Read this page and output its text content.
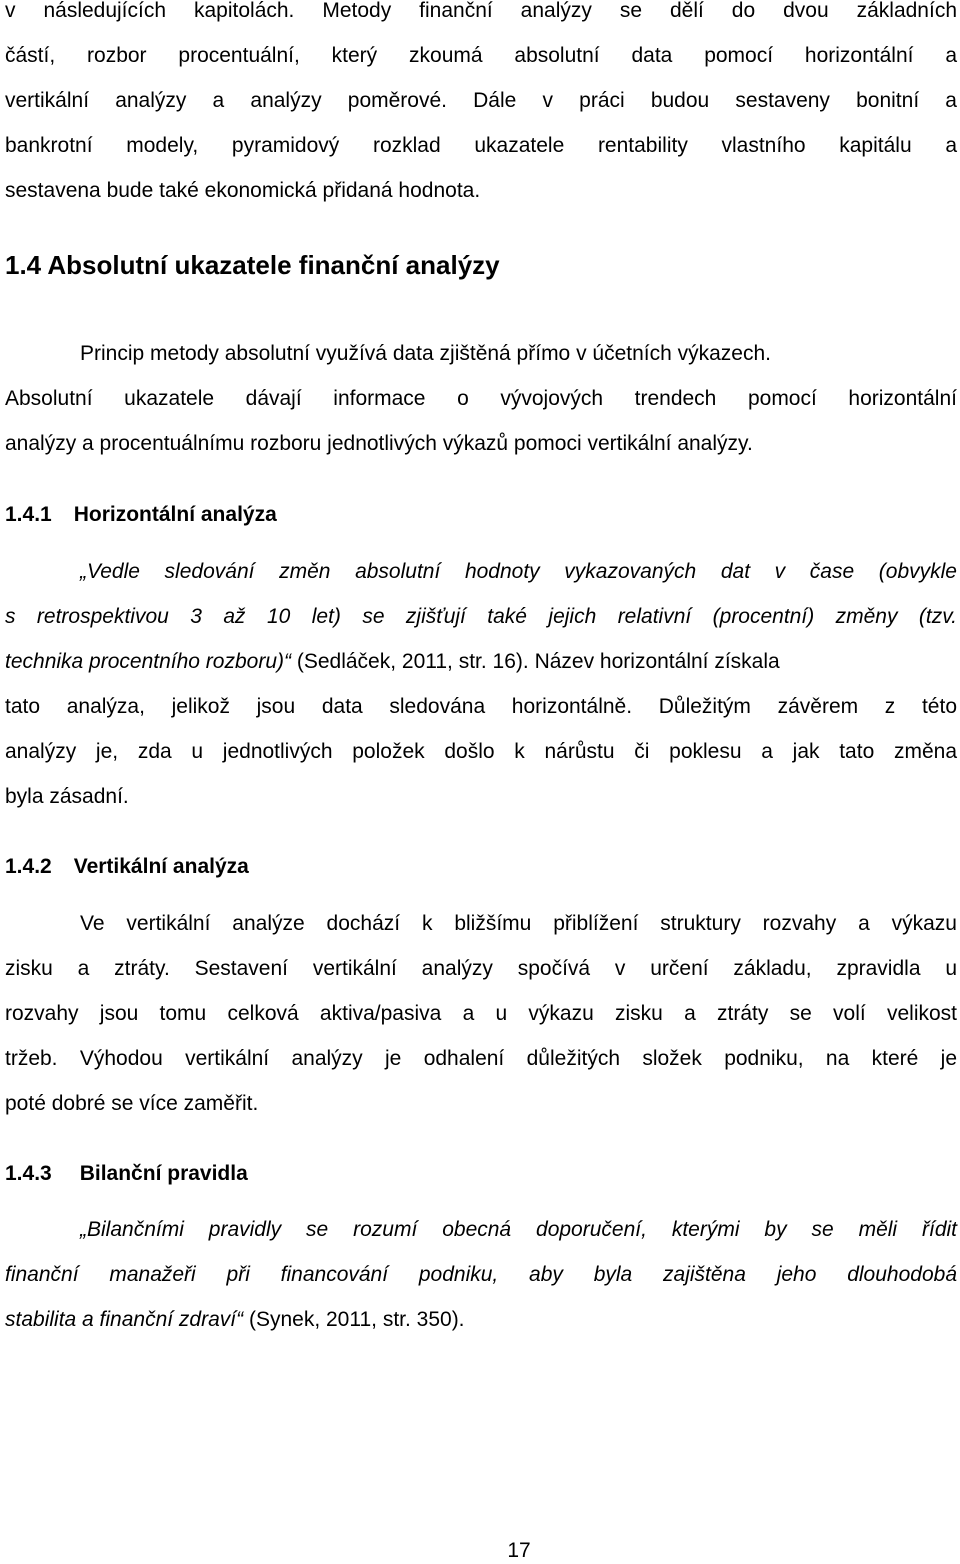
v následujících kapitolách. Metody finanční analýzy se dělí do dvou základních
částí, rozbor procentuální, který zkoumá absolutní data pomocí horizontální a
vertikální analýzy a analýzy poměrové. Dále v práci budou sestaveny bonitní a
bankrotní modely, pyramidový rozklad ukazatele rentability vlastního kapitálu a
sestavena bude také ekonomická přidaná hodnota.
1.4 Absolutní ukazatele finanční analýzy
Princip metody absolutní využívá data zjištěná přímo v účetních výkazech.
Absolutní ukazatele dávají informace o vývojových trendech pomocí horizontální
analýzy a procentuálnímu rozboru jednotlivých výkazů pomoci vertikální analýzy.
1.4.1 Horizontální analýza
„Vedle sledování změn absolutní hodnoty vykazovaných dat v čase (obvykle
s retrospektivou 3 až 10 let) se zjišťují také jejich relativní (procentní) změny (tzv.
technika procentního rozboru)“ (Sedláček, 2011, str. 16). Název horizontální získala
tato analýza, jelikož jsou data sledována horizontálně. Důležitým závěrem z této
analýzy je, zda u jednotlivých položek došlo k nárůstu či poklesu a jak tato změna
byla zásadní.
1.4.2 Vertikální analýza
Ve vertikální analýze dochází k bližšímu přiblížení struktury rozvahy a výkazu
zisku a ztráty. Sestavení vertikální analýzy spočívá v určení základu, zpravidla u
rozvahy jsou tomu celková aktiva/pasiva a u výkazu zisku a ztráty se volí velikost
tržeb. Výhodou vertikální analýzy je odhalení důležitých složek podniku, na které je
poté dobré se více zaměřit.
1.4.3 Bilanční pravidla
„Bilančními pravidly se rozumí obecná doporučení, kterými by se měli řídit
finanční manažeři při financování podniku, aby byla zajištěna jeho dlouhodobá
stabilita a finanční zdraví“ (Synek, 2011, str. 350).
17
